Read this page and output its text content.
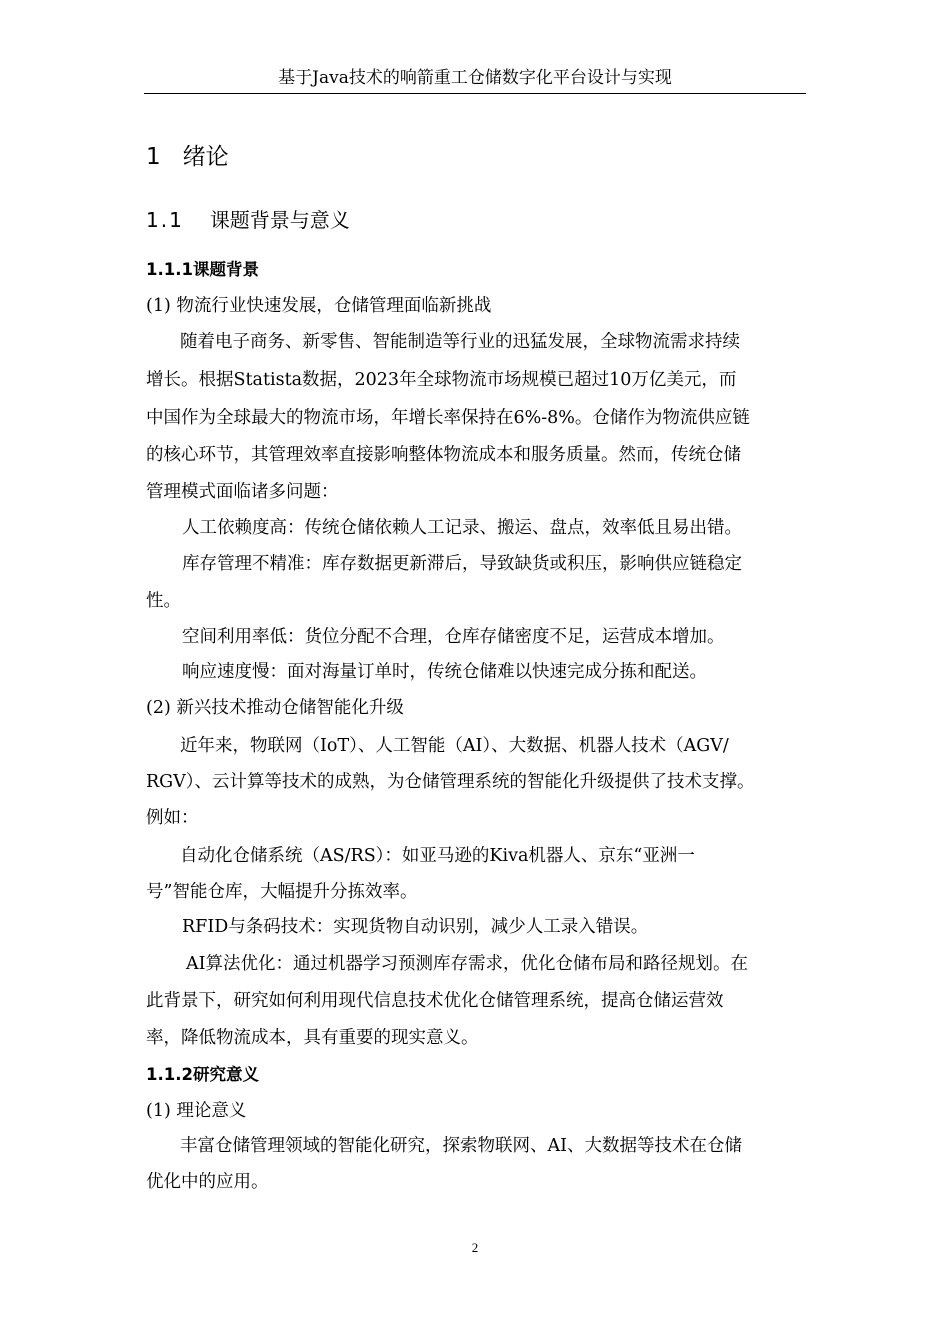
基于Java技术的响箭重工仓储数字化平台设计与实现
1 绪论
1.1 课题背景与意义
1.1.1课题背景
(1) 物流行业快速发展，仓储管理面临新挑战
随着电子商务、新零售、智能制造等行业的迅猛发展，全球物流需求持续
增长。根据Statista数据，2023年全球物流市场规模已超过10万亿美元，而
中国作为全球最大的物流市场，年增长率保持在6%-8%。仓储作为物流供应链
的核心环节，其管理效率直接影响整体物流成本和服务质量。然而，传统仓储
管理模式面临诸多问题：
人工依赖度高：传统仓储依赖人工记录、搬运、盘点，效率低且易出错。
库存管理不精准：库存数据更新滞后，导致缺货或积压，影响供应链稳定
性。
空间利用率低：货位分配不合理，仓库存储密度不足，运营成本增加。
响应速度慢：面对海量订单时，传统仓储难以快速完成分拣和配送。
(2) 新兴技术推动仓储智能化升级
近年来，物联网（IoT）、人工智能（AI）、大数据、机器人技术（AGV/
RGV）、云计算等技术的成熟，为仓储管理系统的智能化升级提供了技术支撑。
例如：
自动化仓储系统（AS/RS）：如亚马逊的Kiva机器人、京东“亚洲一
号”智能仓库，大幅提升分拣效率。
RFID与条码技术：实现货物自动识别，减少人工录入错误。
AI算法优化：通过机器学习预测库存需求，优化仓储布局和路径规划。在
此背景下，研究如何利用现代信息技术优化仓储管理系统，提高仓储运营效
率，降低物流成本，具有重要的现实意义。
1.1.2研究意义
(1) 理论意义
丰富仓储管理领域的智能化研究，探索物联网、AI、大数据等技术在仓储
优化中的应用。
2
